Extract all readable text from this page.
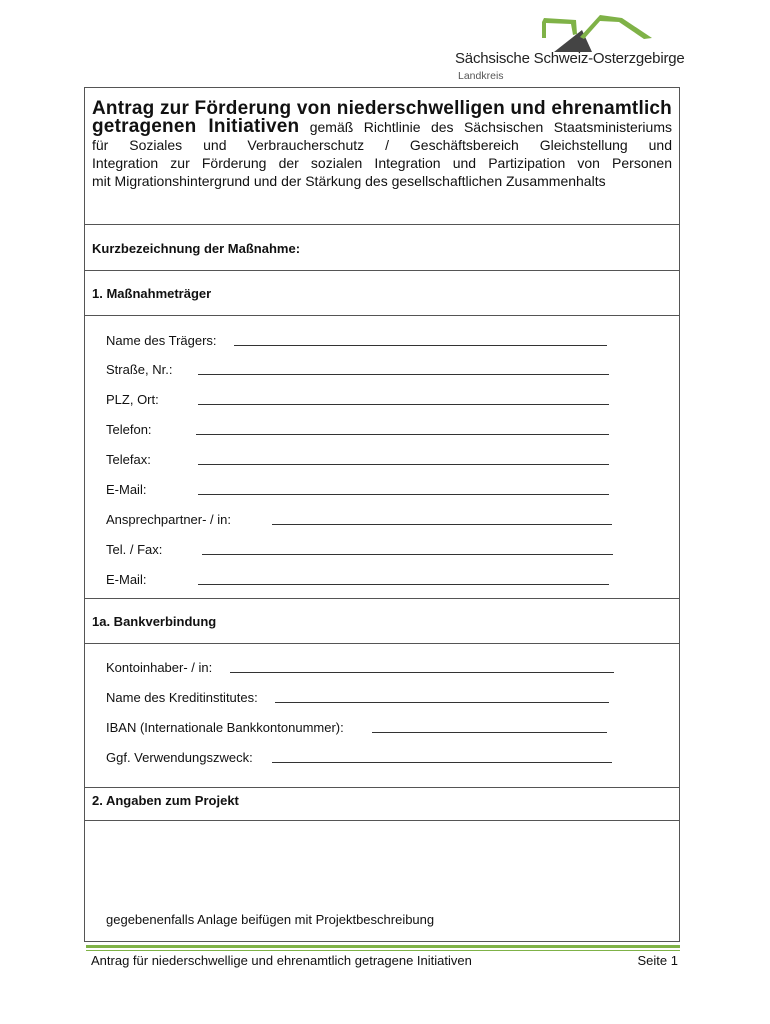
Sächsische Schweiz-Osterzgebirge
Landkreis
Antrag zur Förderung von niederschwelligen und ehrenamtlich
getragenen Initiativen gemäß Richtlinie des Sächsischen Staatsministeriums
für Soziales und Verbraucherschutz / Geschäftsbereich Gleichstellung und
Integration zur Förderung der sozialen Integration und Partizipation von Personen
mit Migrationshintergrund und der Stärkung des gesellschaftlichen Zusammenhalts
Kurzbezeichnung der Maßnahme:
1. Maßnahmeträger
Name des Trägers:
Straße, Nr.:
PLZ, Ort:
Telefon:
Telefax:
E-Mail:
Ansprechpartner- / in:
Tel. / Fax:
E-Mail:
1a. Bankverbindung
Kontoinhaber- / in:
Name des Kreditinstitutes:
IBAN (Internationale Bankkontonummer):
Ggf. Verwendungszweck:
2. Angaben zum Projekt
gegebenenfalls Anlage beifügen mit Projektbeschreibung
Antrag für niederschwellige und ehrenamtlich getragene Initiativen	Seite 1
